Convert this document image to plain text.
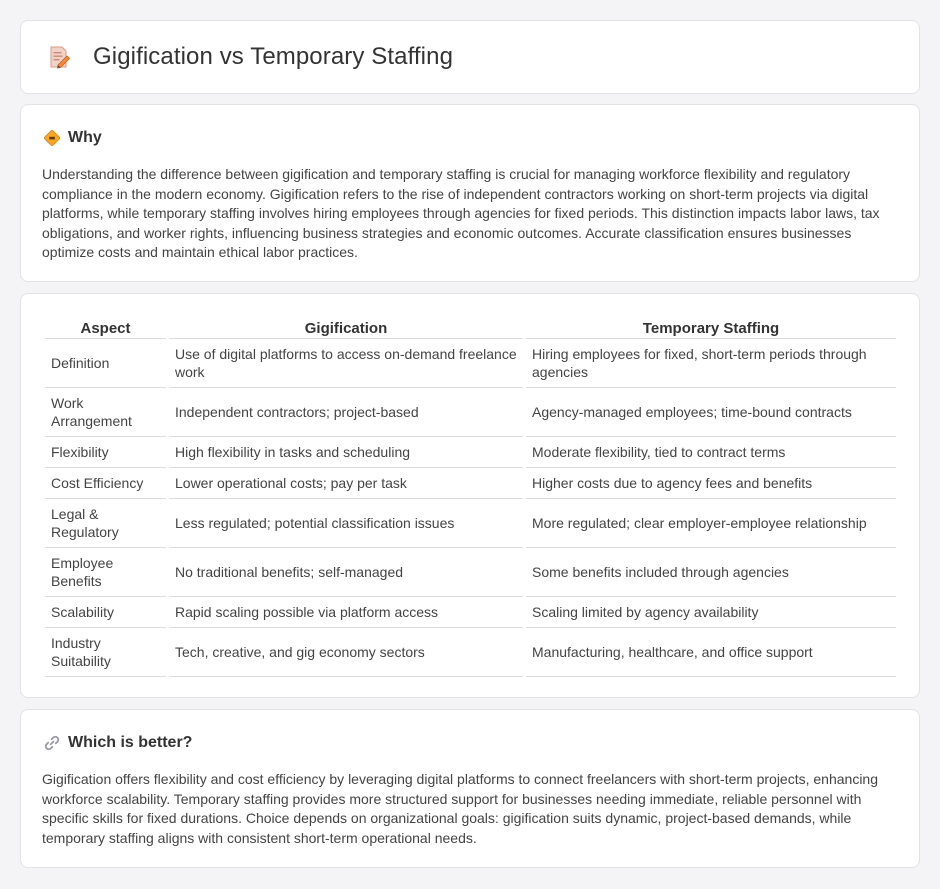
Gigification vs Temporary Staffing
Why

Understanding the difference between gigification and temporary staffing is crucial for managing workforce flexibility and regulatory compliance in the modern economy. Gigification refers to the rise of independent contractors working on short-term projects via digital platforms, while temporary staffing involves hiring employees through agencies for fixed periods. This distinction impacts labor laws, tax obligations, and worker rights, influencing business strategies and economic outcomes. Accurate classification ensures businesses optimize costs and maintain ethical labor practices.

Aspect	Gigification	Temporary Staffing
Definition	Use of digital platforms to access on-demand freelance work	Hiring employees for fixed, short-term periods through agencies
Work Arrangement	Independent contractors; project-based	Agency-managed employees; time-bound contracts
Flexibility	High flexibility in tasks and scheduling	Moderate flexibility, tied to contract terms
Cost Efficiency	Lower operational costs; pay per task	Higher costs due to agency fees and benefits
Legal & Regulatory	Less regulated; potential classification issues	More regulated; clear employer-employee relationship
Employee Benefits	No traditional benefits; self-managed	Some benefits included through agencies
Scalability	Rapid scaling possible via platform access	Scaling limited by agency availability
Industry Suitability	Tech, creative, and gig economy sectors	Manufacturing, healthcare, and office support
Which is better?

Gigification offers flexibility and cost efficiency by leveraging digital platforms to connect freelancers with short-term projects, enhancing workforce scalability. Temporary staffing provides more structured support for businesses needing immediate, reliable personnel with specific skills for fixed durations. Choice depends on organizational goals: gigification suits dynamic, project-based demands, while temporary staffing aligns with consistent short-term operational needs.
